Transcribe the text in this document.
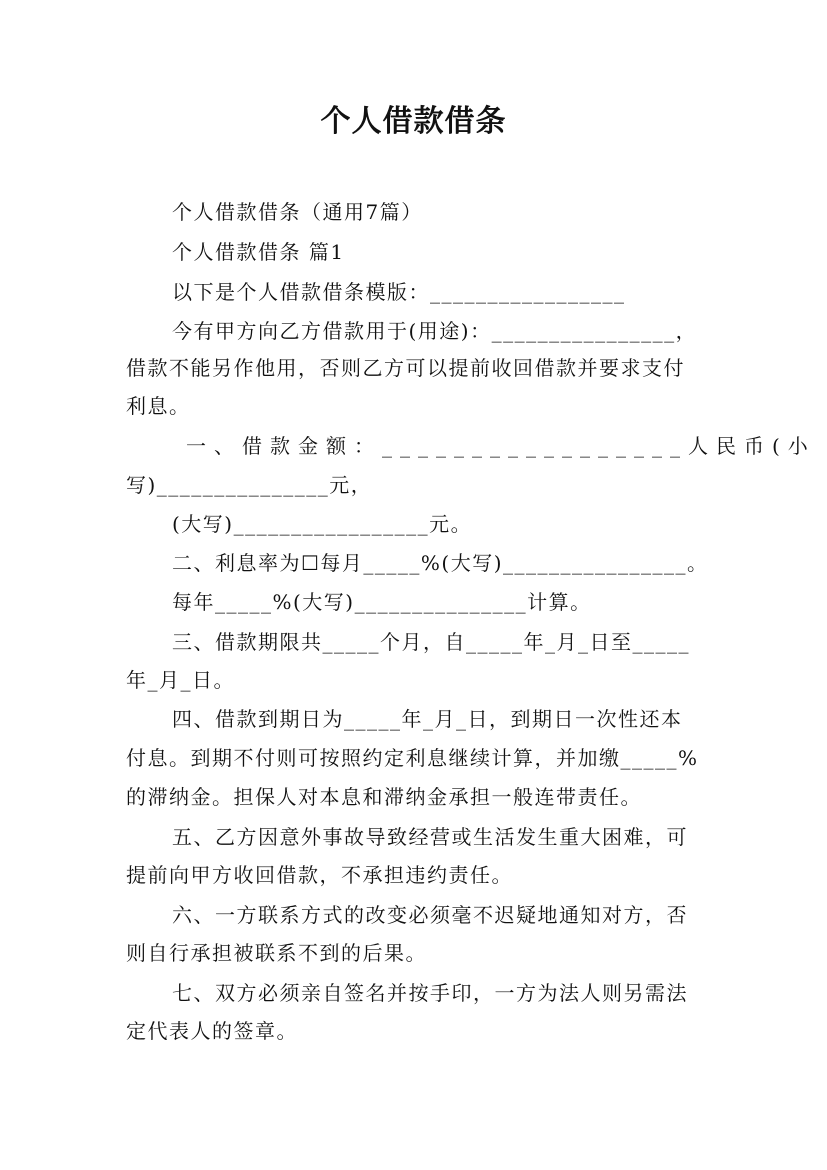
个人借款借条
个人借款借条（通用7篇）
个人借款借条 篇1
以下是个人借款借条模版：_________________
今有甲方向乙方借款用于(用途)：________________，
借款不能另作他用，否则乙方可以提前收回借款并要求支付
利息。
一、借款金额：_________________人民币(小
写)_______________元，
(大写)_________________元。
二、利息率为☐每月_____%(大写)________________。
每年_____%(大写)_______________计算。
三、借款期限共_____个月，自_____年_月_日至_____
年_月_日。
四、借款到期日为_____年_月_日，到期日一次性还本
付息。到期不付则可按照约定利息继续计算，并加缴_____%
的滞纳金。担保人对本息和滞纳金承担一般连带责任。
五、乙方因意外事故导致经营或生活发生重大困难，可
提前向甲方收回借款，不承担违约责任。
六、一方联系方式的改变必须毫不迟疑地通知对方，否
则自行承担被联系不到的后果。
七、双方必须亲自签名并按手印，一方为法人则另需法
定代表人的签章。
